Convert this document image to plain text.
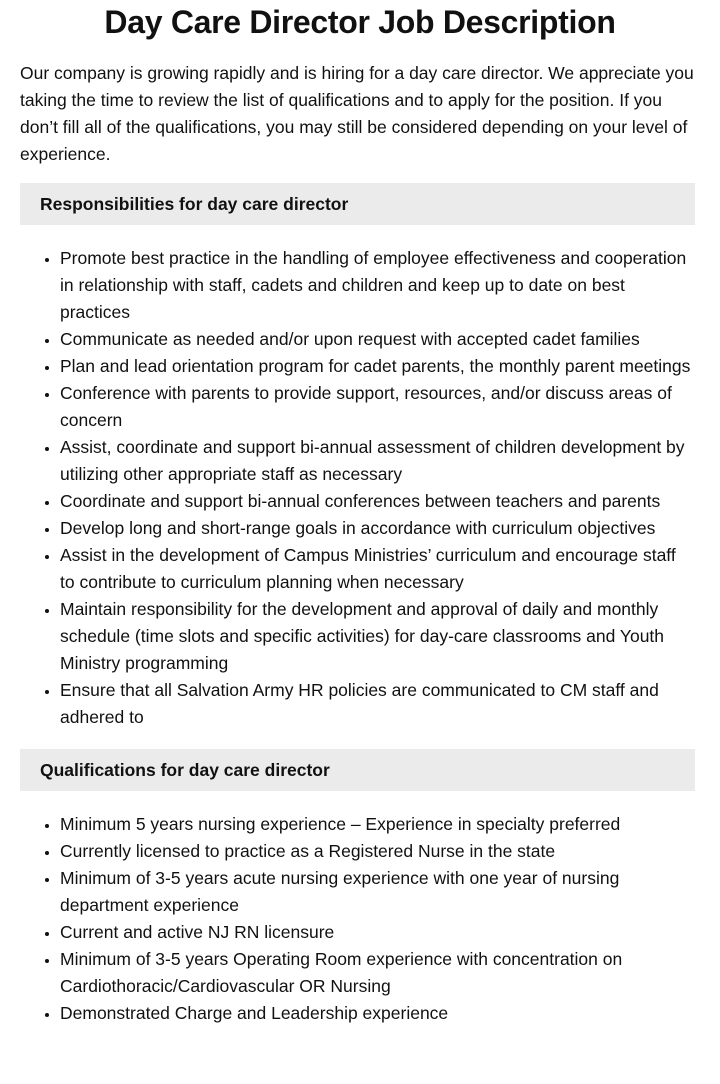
Day Care Director Job Description

Our company is growing rapidly and is hiring for a day care director. We appreciate you taking the time to review the list of qualifications and to apply for the position. If you don’t fill all of the qualifications, you may still be considered depending on your level of experience.

Responsibilities for day care director
• Promote best practice in the handling of employee effectiveness and cooperation in relationship with staff, cadets and children and keep up to date on best practices
• Communicate as needed and/or upon request with accepted cadet families
• Plan and lead orientation program for cadet parents, the monthly parent meetings
• Conference with parents to provide support, resources, and/or discuss areas of concern
• Assist, coordinate and support bi-annual assessment of children development by utilizing other appropriate staff as necessary
• Coordinate and support bi-annual conferences between teachers and parents
• Develop long and short-range goals in accordance with curriculum objectives
• Assist in the development of Campus Ministries’ curriculum and encourage staff to contribute to curriculum planning when necessary
• Maintain responsibility for the development and approval of daily and monthly schedule (time slots and specific activities) for day-care classrooms and Youth Ministry programming
• Ensure that all Salvation Army HR policies are communicated to CM staff and adhered to
Qualifications for day care director
• Minimum 5 years nursing experience – Experience in specialty preferred
• Currently licensed to practice as a Registered Nurse in the state
• Minimum of 3-5 years acute nursing experience with one year of nursing department experience
• Current and active NJ RN licensure
• Minimum of 3-5 years Operating Room experience with concentration on Cardiothoracic/Cardiovascular OR Nursing
• Demonstrated Charge and Leadership experience
